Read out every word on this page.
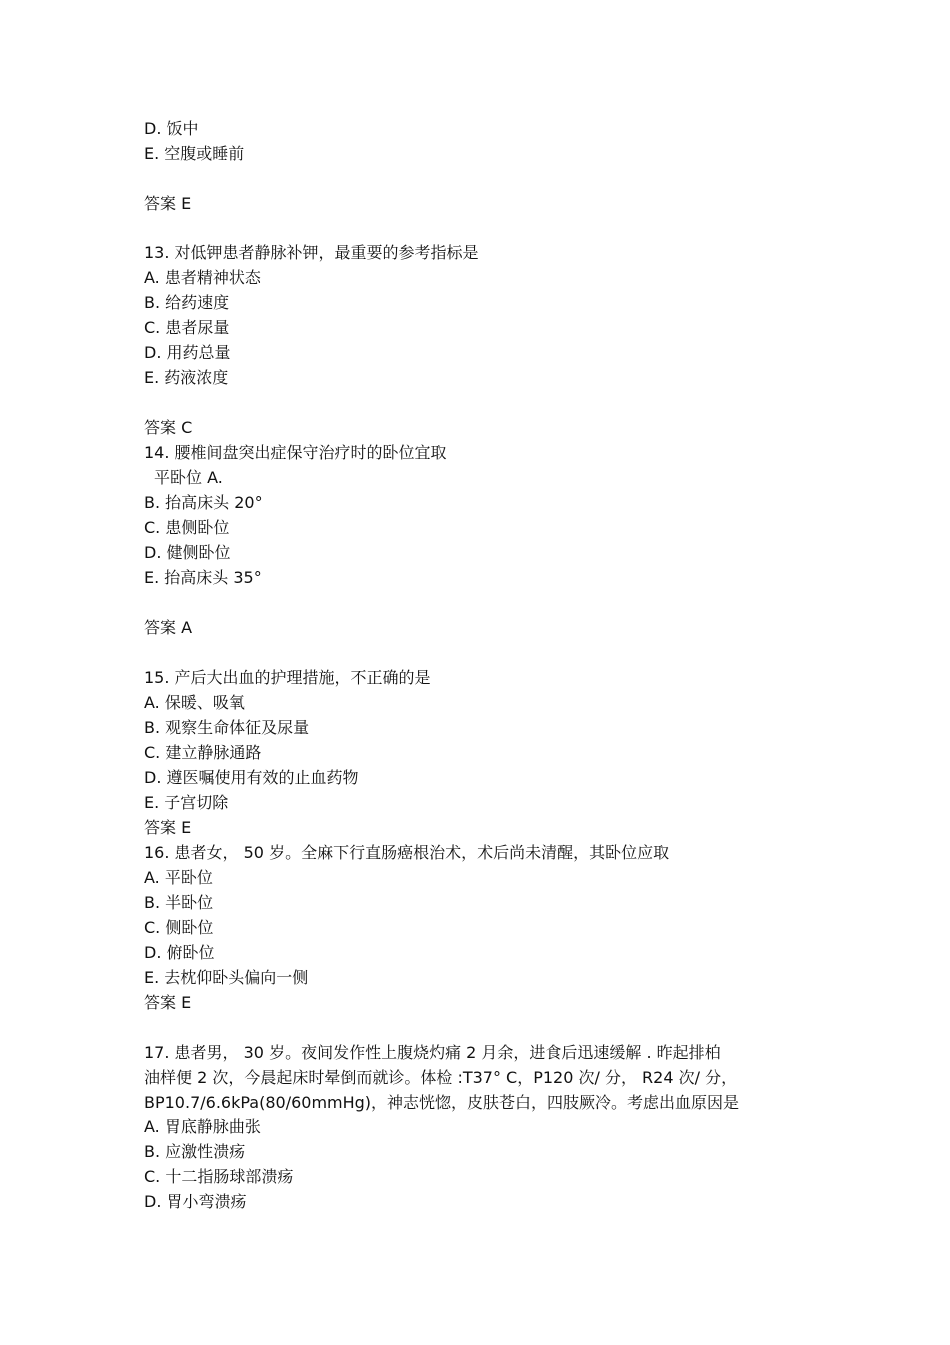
D. 饭中
E. 空腹或睡前
答案 E
13. 对低钾患者静脉补钾，最重要的参考指标是
A. 患者精神状态
B. 给药速度
C. 患者尿量
D. 用药总量
E. 药液浓度
答案 C
14. 腰椎间盘突出症保守治疗时的卧位宜取
平卧位 A.
B. 抬高床头 20°
C. 患侧卧位
D. 健侧卧位
E. 抬高床头 35°
答案 A
15. 产后大出血的护理措施，不正确的是
A. 保暖、吸氧
B. 观察生命体征及尿量
C. 建立静脉通路
D. 遵医嘱使用有效的止血药物
E. 子宫切除
答案 E
16. 患者女， 50 岁。全麻下行直肠癌根治术，术后尚未清醒，其卧位应取
A. 平卧位
B. 半卧位
C. 侧卧位
D. 俯卧位
E. 去枕仰卧头偏向一侧
答案 E
17. 患者男， 30 岁。夜间发作性上腹烧灼痛 2 月余，进食后迅速缓解 . 昨起排柏
油样便 2 次，今晨起床时晕倒而就诊。体检 :T37° C，P120 次/ 分， R24 次/ 分，
BP10.7/6.6kPa(80/60mmHg)，神志恍惚，皮肤苍白，四肢厥冷。考虑出血原因是
A. 胃底静脉曲张
B. 应激性溃疡
C. 十二指肠球部溃疡
D. 胃小弯溃疡
